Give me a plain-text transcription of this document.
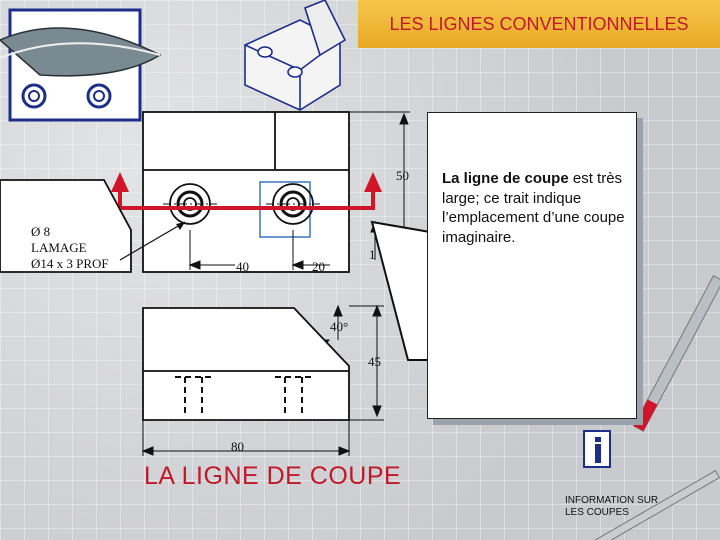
LES LIGNES CONVENTIONNELLES
Ø 8
LAMAGE
Ø14 x 3 PROF
50
40	20
1
40°
45
80
La ligne de coupe est très large; ce trait indique l’emplacement d’une coupe imaginaire.
LA LIGNE DE COUPE
INFORMATION SUR LES COUPES
